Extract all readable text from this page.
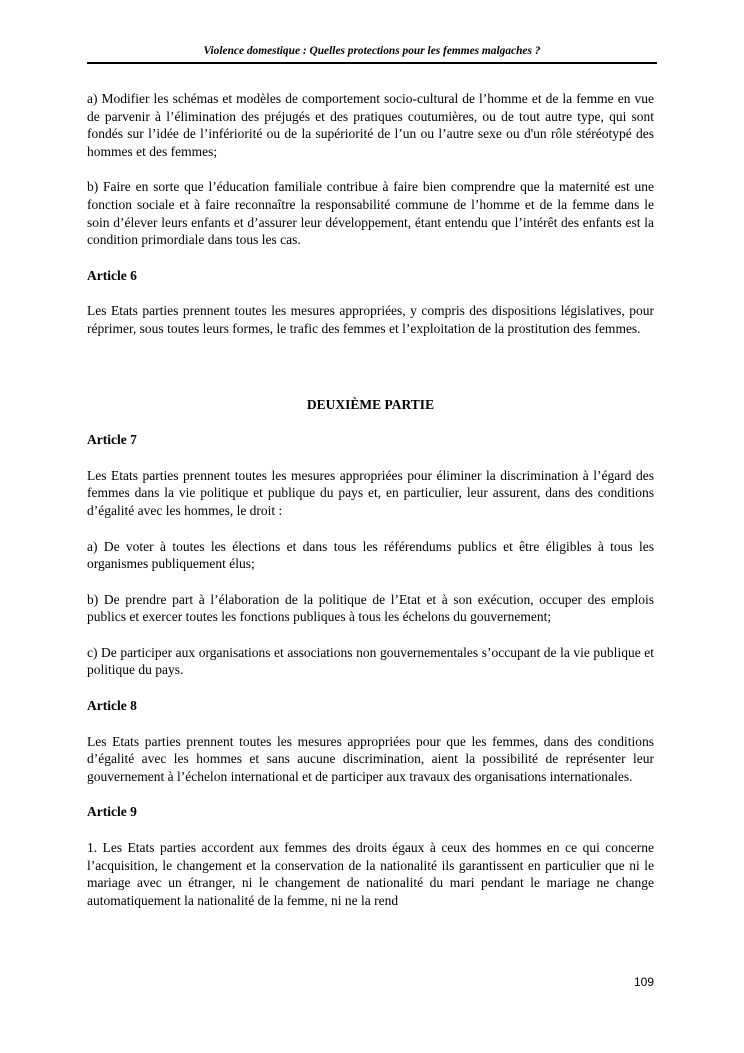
Violence domestique : Quelles protections pour les femmes malgaches ?

a) Modifier les schémas et modèles de comportement socio-cultural de l’homme et de la femme en vue de parvenir à l’élimination des préjugés et des pratiques coutumières, ou de tout autre type, qui sont fondés sur l’idée de l’infériorité ou de la supériorité de l’un ou l’autre sexe ou d'un rôle stéréotypé des hommes et des femmes;

b) Faire en sorte que l’éducation familiale contribue à faire bien comprendre que la maternité est une fonction sociale et à faire reconnaître la responsabilité commune de l’homme et de la femme dans le soin d’élever leurs enfants et d’assurer leur développement, étant entendu que l’intérêt des enfants est la condition primordiale dans tous les cas.

Article 6

Les Etats parties prennent toutes les mesures appropriées, y compris des dispositions législatives, pour réprimer, sous toutes leurs formes, le trafic des femmes et l’exploitation de la prostitution des femmes.

DEUXIÈME PARTIE

Article 7

Les Etats parties prennent toutes les mesures appropriées pour éliminer la discrimination à l’égard des femmes dans la vie politique et publique du pays et, en particulier, leur assurent, dans des conditions d’égalité avec les hommes, le droit :

a) De voter à toutes les élections et dans tous les référendums publics et être éligibles à tous les organismes publiquement élus;

b) De prendre part à l’élaboration de la politique de l’Etat et à son exécution, occuper des emplois publics et exercer toutes les fonctions publiques à tous les échelons du gouvernement;

c) De participer aux organisations et associations non gouvernementales s’occupant de la vie publique et politique du pays.

Article 8

Les Etats parties prennent toutes les mesures appropriées pour que les femmes, dans des conditions d’égalité avec les hommes et sans aucune discrimination, aient la possibilité de représenter leur gouvernement à l’échelon international et de participer aux travaux des organisations internationales.

Article 9

1. Les Etats parties accordent aux femmes des droits égaux à ceux des hommes en ce qui concerne l’acquisition, le changement et la conservation de la nationalité ils garantissent en particulier que ni le mariage avec un étranger, ni le changement de nationalité du mari pendant le mariage ne change automatiquement la nationalité de la femme, ni ne la rend

109
